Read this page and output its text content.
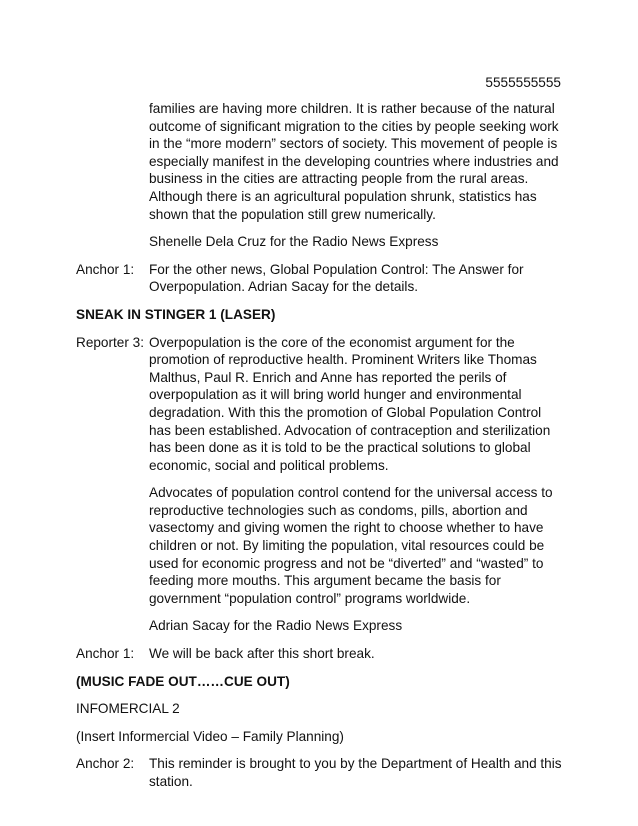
5555555555

families are having more children. It is rather because of the natural outcome of significant migration to the cities by people seeking work in the “more modern” sectors of society. This movement of people is especially manifest in the developing countries where industries and business in the cities are attracting people from the rural areas. Although there is an agricultural population shrunk, statistics has shown that the population still grew numerically.

Shenelle Dela Cruz for the Radio News Express

Anchor 1:	For the other news, Global Population Control: The Answer for Overpopulation. Adrian Sacay for the details.

SNEAK IN STINGER 1 (LASER)

Reporter 3: Overpopulation is the core of the economist argument for the promotion of reproductive health. Prominent Writers like Thomas Malthus, Paul R. Enrich and Anne has reported the perils of overpopulation as it will bring world hunger and environmental degradation. With this the promotion of Global Population Control has been established. Advocation of contraception and sterilization has been done as it is told to be the practical solutions to global economic, social and political problems.

Advocates of population control contend for the universal access to reproductive technologies such as condoms, pills, abortion and vasectomy and giving women the right to choose whether to have children or not. By limiting the population, vital resources could be used for economic progress and not be “diverted” and “wasted” to feeding more mouths. This argument became the basis for government “population control” programs worldwide.

Adrian Sacay for the Radio News Express

Anchor 1:	We will be back after this short break.

(MUSIC FADE OUT……CUE OUT)

INFOMERCIAL 2

(Insert Informercial Video – Family Planning)

Anchor 2:	This reminder is brought to you by the Department of Health and this station.
